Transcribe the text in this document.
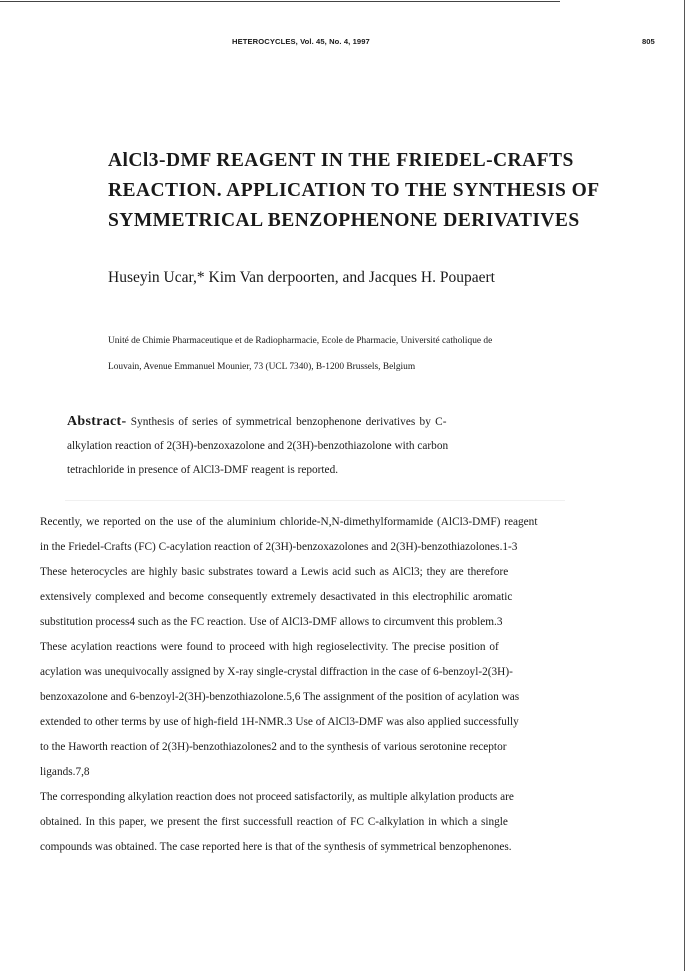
HETEROCYCLES, Vol. 45, No. 4, 1997	805
AlCl3-DMF REAGENT IN THE FRIEDEL-CRAFTS
REACTION. APPLICATION TO THE SYNTHESIS OF
SYMMETRICAL BENZOPHENONE DERIVATIVES
Huseyin Ucar,* Kim Van derpoorten, and Jacques H. Poupaert
Unité de Chimie Pharmaceutique et de Radiopharmacie, Ecole de Pharmacie, Université catholique de
Louvain, Avenue Emmanuel Mounier, 73 (UCL 7340), B-1200 Brussels, Belgium
Abstract- Synthesis of series of symmetrical benzophenone derivatives by C-
alkylation reaction of 2(3H)-benzoxazolone and 2(3H)-benzothiazolone with carbon
tetrachloride in presence of AlCl3-DMF reagent is reported.
Recently, we reported on the use of the aluminium chloride-N,N-dimethylformamide (AlCl3-DMF) reagent
in the Friedel-Crafts (FC) C-acylation reaction of 2(3H)-benzoxazolones and 2(3H)-benzothiazolones.1-3
These heterocycles are highly basic substrates toward a Lewis acid such as AlCl3; they are therefore
extensively complexed and become consequently extremely desactivated in this electrophilic aromatic
substitution process4 such as the FC reaction. Use of AlCl3-DMF allows to circumvent this problem.3
These acylation reactions were found to proceed with high regioselectivity. The precise position of
acylation was unequivocally assigned by X-ray single-crystal diffraction in the case of 6-benzoyl-2(3H)-
benzoxazolone and 6-benzoyl-2(3H)-benzothiazolone.5,6 The assignment of the position of acylation was
extended to other terms by use of high-field 1H-NMR.3 Use of AlCl3-DMF was also applied successfully
to the Haworth reaction of 2(3H)-benzothiazolones2 and to the synthesis of various serotonine receptor
ligands.7,8
The corresponding alkylation reaction does not proceed satisfactorily, as multiple alkylation products are
obtained. In this paper, we present the first successfull reaction of FC C-alkylation in which a single
compounds was obtained. The case reported here is that of the synthesis of symmetrical benzophenones.
